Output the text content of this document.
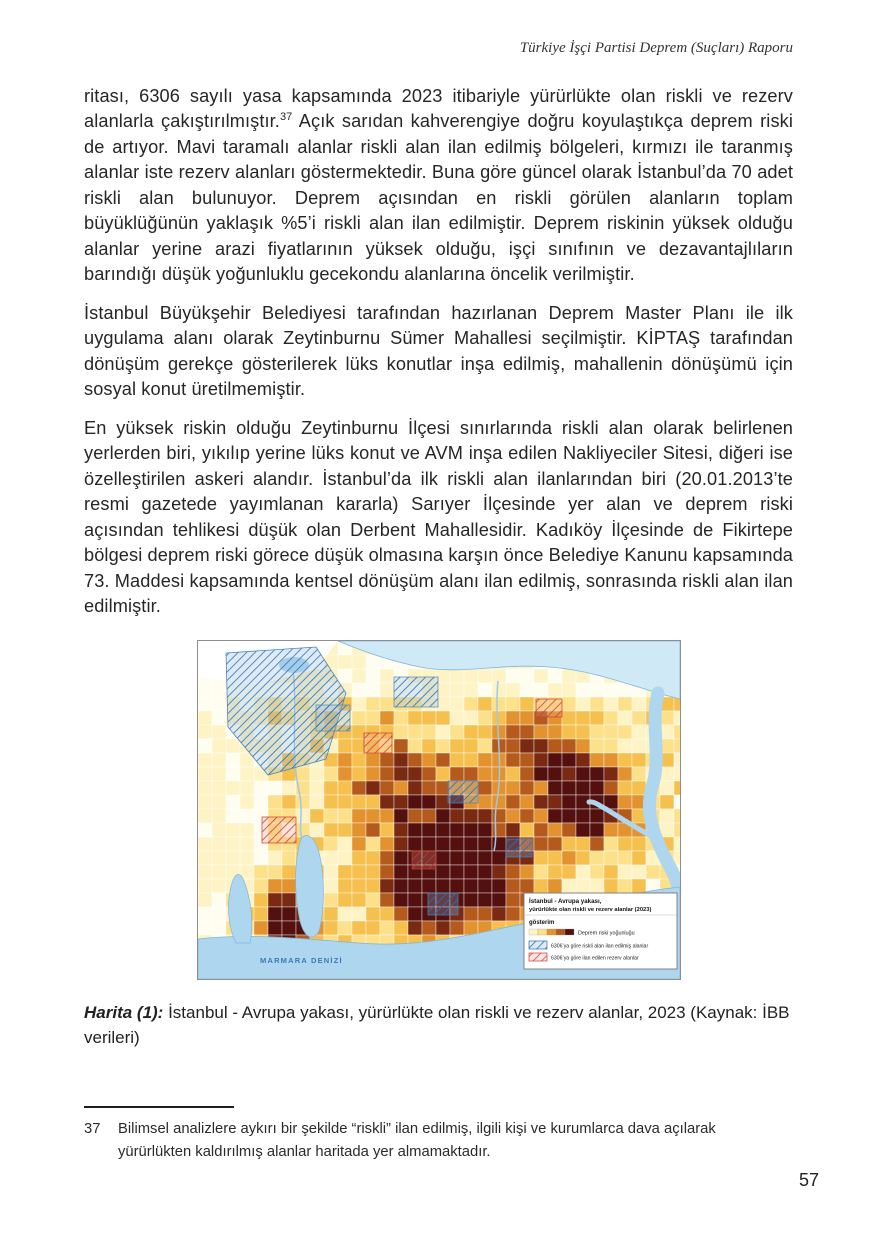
Türkiye İşçi Partisi Deprem (Suçları) Raporu

ritası, 6306 sayılı yasa kapsamında 2023 itibariyle yürürlükte olan riskli ve rezerv alanlarla çakıştırılmıştır.$^{37}$ Açık sarıdan kahverengiye doğru koyulaştıkça deprem riski de artıyor. Mavi taramalı alanlar riskli alan ilan edilmiş bölgeleri, kırmızı ile taranmış alanlar iste rezerv alanları göstermektedir. Buna göre güncel olarak İstanbul’da 70 adet riskli alan bulunuyor. Deprem açısından en riskli görülen alanların toplam büyüklüğünün yaklaşık %5’i riskli alan ilan edilmiştir. Deprem riskinin yüksek olduğu alanlar yerine arazi fiyatlarının yüksek olduğu, işçi sınıfının ve dezavantajlıların barındığı düşük yoğunluklu gecekondu alanlarına öncelik verilmiştir.

İstanbul Büyükşehir Belediyesi tarafından hazırlanan Deprem Master Planı ile ilk uygulama alanı olarak Zeytinburnu Sümer Mahallesi seçilmiştir. KİPTAŞ tarafından dönüşüm gerekçe gösterilerek lüks konutlar inşa edilmiş, mahallenin dönüşümü için sosyal konut üretilmemiştir.

En yüksek riskin olduğu Zeytinburnu İlçesi sınırlarında riskli alan olarak belirlenen yerlerden biri, yıkılıp yerine lüks konut ve AVM inşa edilen Nakliyeciler Sitesi, diğeri ise özelleştirilen askeri alandır. İstanbul’da ilk riskli alan ilanlarından biri (20.01.2013’te resmi gazetede yayımlanan kararla) Sarıyer İlçesinde yer alan ve deprem riski açısından tehlikesi düşük olan Derbent Mahallesidir. Kadıköy İlçesinde de Fikirtepe bölgesi deprem riski görece düşük olmasına karşın önce Belediye Kanunu kapsamında 73. Maddesi kapsamında kentsel dönüşüm alanı ilan edilmiş, sonrasında riskli alan ilan edilmiştir.

MARMARA DENİZİ
İstanbul - Avrupa yakası,
yürürlükte olan riskli ve rezerv alanlar (2023)
gösterim
Deprem riski yoğunluğu
6306’ya göre riskli alan ilan edilmiş alanlar
6306’ya göre ilan edilen rezerv alanlar

Harita (1): İstanbul - Avrupa yakası, yürürlükte olan riskli ve rezerv alanlar, 2023 (Kaynak: İBB verileri)

37	Bilimsel analizlere aykırı bir şekilde “riskli” ilan edilmiş, ilgili kişi ve kurumlarca dava açılarak yürürlükten kaldırılmış alanlar haritada yer almamaktadır.
57
